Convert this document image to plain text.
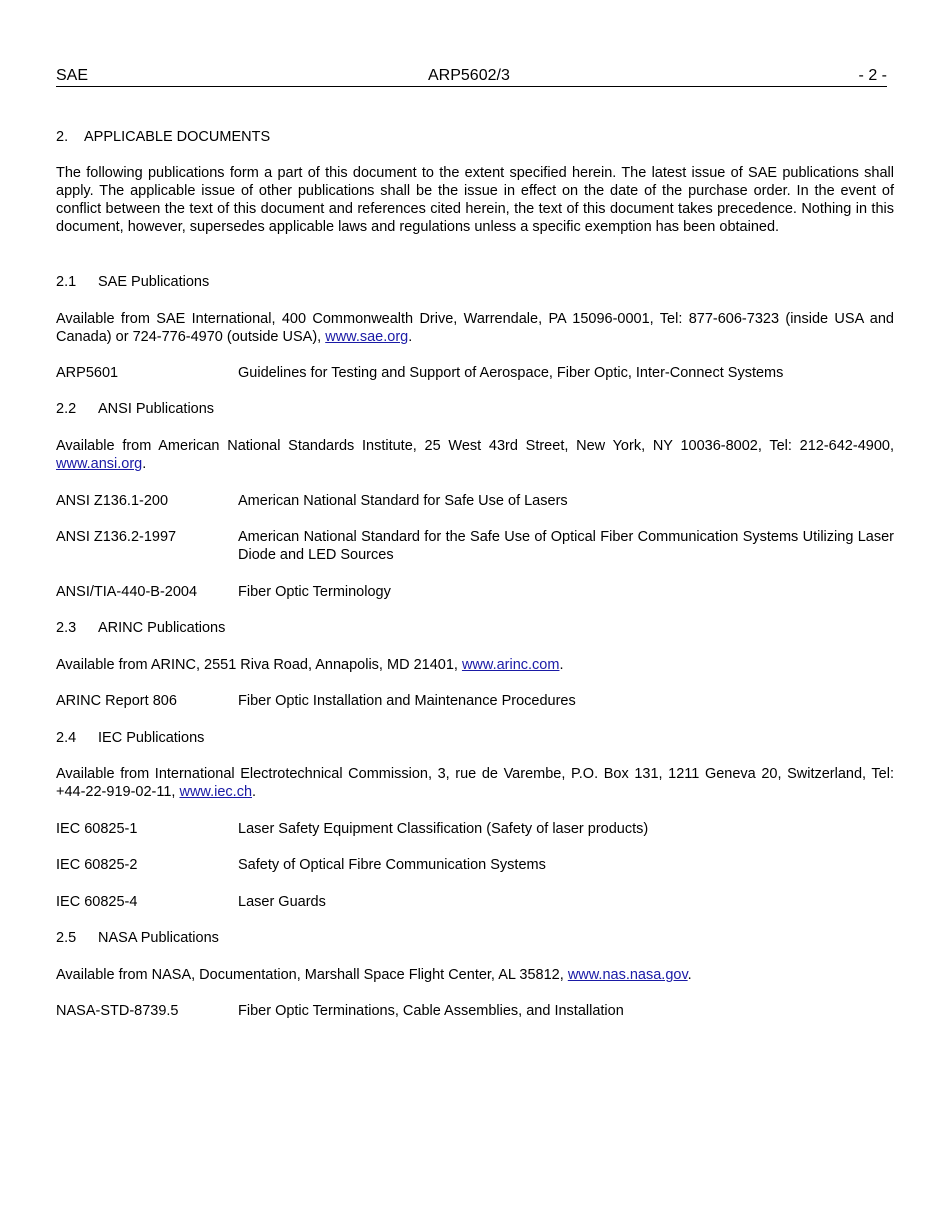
SAE	ARP5602/3	- 2 -
2. APPLICABLE DOCUMENTS
The following publications form a part of this document to the extent specified herein. The latest issue of SAE publications shall apply. The applicable issue of other publications shall be the issue in effect on the date of the purchase order. In the event of conflict between the text of this document and references cited herein, the text of this document takes precedence. Nothing in this document, however, supersedes applicable laws and regulations unless a specific exemption has been obtained.
2.1 SAE Publications
Available from SAE International, 400 Commonwealth Drive, Warrendale, PA 15096-0001, Tel: 877-606-7323 (inside USA and Canada) or 724-776-4970 (outside USA), www.sae.org.
ARP5601	Guidelines for Testing and Support of Aerospace, Fiber Optic, Inter-Connect Systems
2.2 ANSI Publications
Available from American National Standards Institute, 25 West 43rd Street, New York, NY 10036-8002, Tel: 212-642-4900, www.ansi.org.
ANSI Z136.1-200	American National Standard for Safe Use of Lasers
ANSI Z136.2-1997	American National Standard for the Safe Use of Optical Fiber Communication Systems Utilizing Laser Diode and LED Sources
ANSI/TIA-440-B-2004	Fiber Optic Terminology
2.3 ARINC Publications
Available from ARINC, 2551 Riva Road, Annapolis, MD 21401, www.arinc.com.
ARINC Report 806	Fiber Optic Installation and Maintenance Procedures
2.4 IEC Publications
Available from International Electrotechnical Commission, 3, rue de Varembe, P.O. Box 131, 1211 Geneva 20, Switzerland, Tel: +44-22-919-02-11, www.iec.ch.
IEC 60825-1	Laser Safety Equipment Classification (Safety of laser products)
IEC 60825-2	Safety of Optical Fibre Communication Systems
IEC 60825-4	Laser Guards
2.5 NASA Publications
Available from NASA, Documentation, Marshall Space Flight Center, AL 35812, www.nas.nasa.gov.
NASA-STD-8739.5	Fiber Optic Terminations, Cable Assemblies, and Installation
